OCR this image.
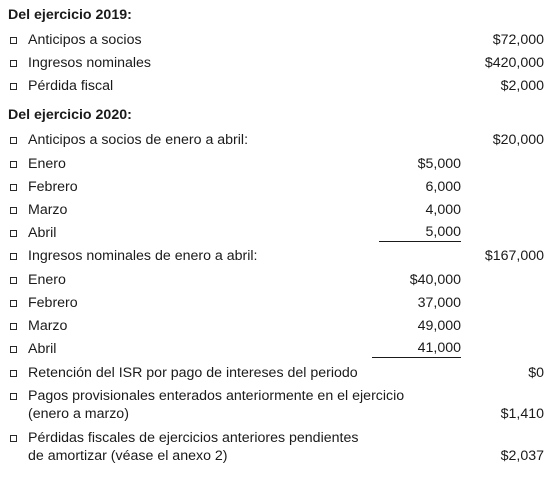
Del ejercicio 2019:
Anticipos a socios	$72,000
Ingresos nominales	$420,000
Pérdida fiscal	$2,000
Del ejercicio 2020:
Anticipos a socios de enero a abril:	$20,000
Enero	$5,000
Febrero	6,000
Marzo	4,000
Abril	5,000
Ingresos nominales de enero a abril:	$167,000
Enero	$40,000
Febrero	37,000
Marzo	49,000
Abril	41,000
Retención del ISR por pago de intereses del periodo	$0
Pagos provisionales enterados anteriormente en el ejercicio
(enero a marzo)	$1,410
Pérdidas fiscales de ejercicios anteriores pendientes
de amortizar (véase el anexo 2)	$2,037
